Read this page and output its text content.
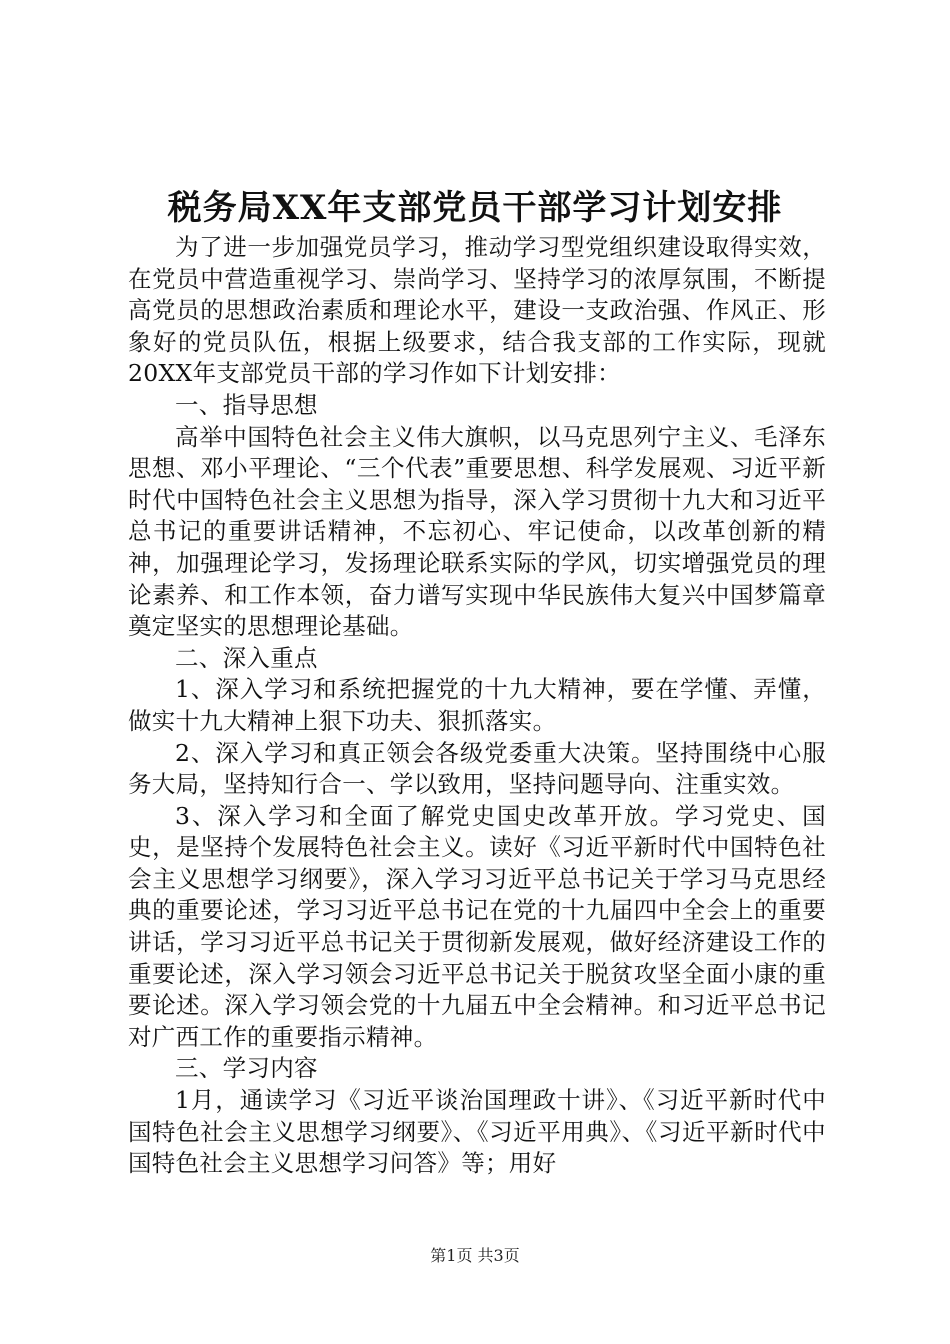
税务局XX年支部党员干部学习计划安排

为了进一步加强党员学习，推动学习型党组织建设取得实效，在党员中营造重视学习、崇尚学习、坚持学习的浓厚氛围，不断提高党员的思想政治素质和理论水平，建设一支政治强、作风正、形象好的党员队伍，根据上级要求，结合我支部的工作实际，现就20XX年支部党员干部的学习作如下计划安排：

一、指导思想

高举中国特色社会主义伟大旗帜，以马克思列宁主义、毛泽东思想、邓小平理论、“三个代表”重要思想、科学发展观、习近平新时代中国特色社会主义思想为指导，深入学习贯彻十九大和习近平总书记的重要讲话精神，不忘初心、牢记使命，以改革创新的精神，加强理论学习，发扬理论联系实际的学风，切实增强党员的理论素养、和工作本领，奋力谱写实现中华民族伟大复兴中国梦篇章奠定坚实的思想理论基础。

二、深入重点

1、深入学习和系统把握党的十九大精神，要在学懂、弄懂，做实十九大精神上狠下功夫、狠抓落实。

2、深入学习和真正领会各级党委重大决策。坚持围绕中心服务大局，坚持知行合一、学以致用，坚持问题导向、注重实效。

3、深入学习和全面了解党史国史改革开放。学习党史、国史，是坚持个发展特色社会主义。读好《习近平新时代中国特色社会主义思想学习纲要》，深入学习习近平总书记关于学习马克思经典的重要论述，学习习近平总书记在党的十九届四中全会上的重要讲话，学习习近平总书记关于贯彻新发展观，做好经济建设工作的重要论述，深入学习领会习近平总书记关于脱贫攻坚全面小康的重要论述。深入学习领会党的十九届五中全会精神。和习近平总书记对广西工作的重要指示精神。

三、学习内容

1月，通读学习《习近平谈治国理政十讲》、《习近平新时代中国特色社会主义思想学习纲要》、《习近平用典》、《习近平新时代中国特色社会主义思想学习问答》等；用好

第1页 共3页
